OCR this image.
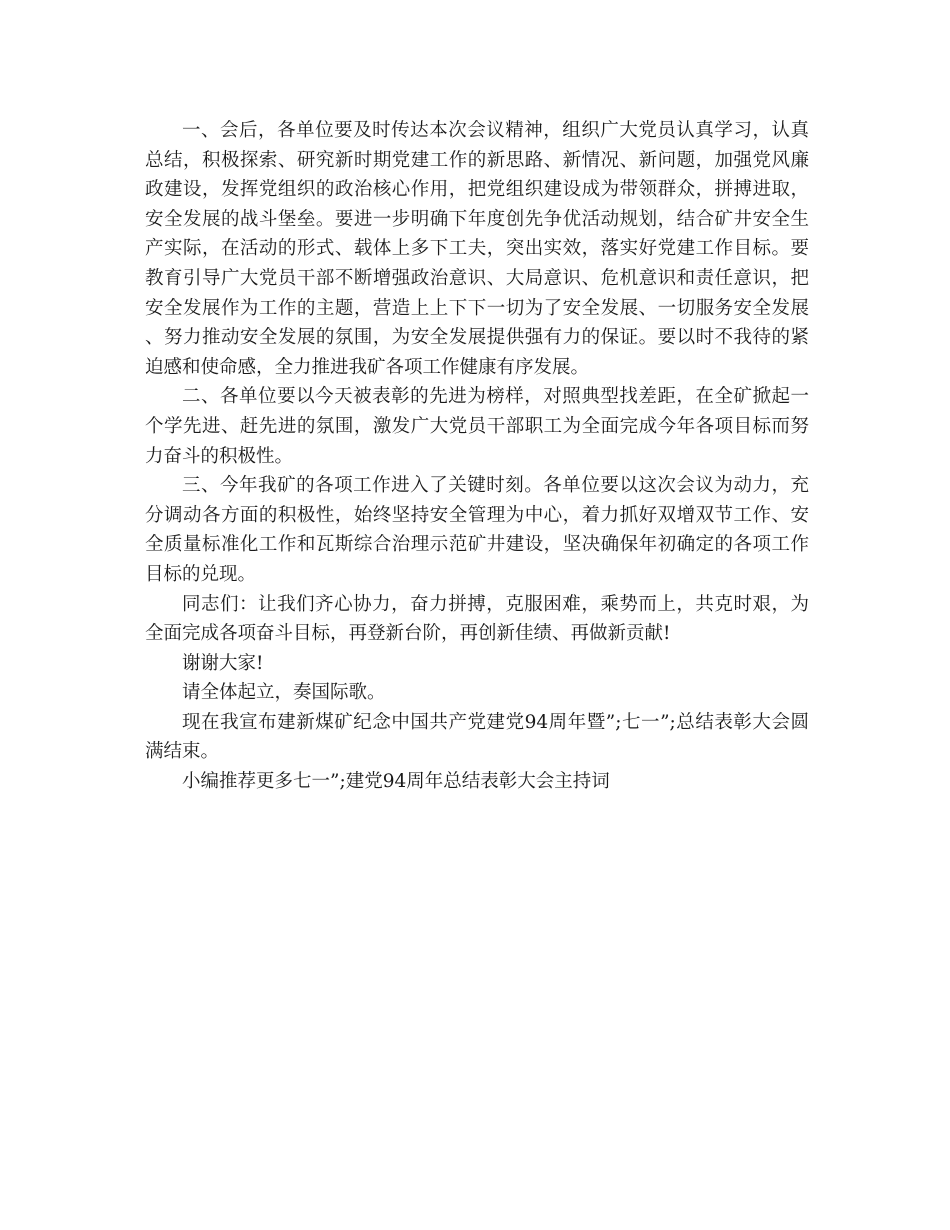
一、会后，各单位要及时传达本次会议精神，组织广大党员认真学习，认真总结，积极探索、研究新时期党建工作的新思路、新情况、新问题，加强党风廉政建设，发挥党组织的政治核心作用，把党组织建设成为带领群众，拼搏进取，安全发展的战斗堡垒。要进一步明确下年度创先争优活动规划，结合矿井安全生产实际，在活动的形式、载体上多下工夫，突出实效，落实好党建工作目标。要教育引导广大党员干部不断增强政治意识、大局意识、危机意识和责任意识，把安全发展作为工作的主题，营造上上下下一切为了安全发展、一切服务安全发展、努力推动安全发展的氛围，为安全发展提供强有力的保证。要以时不我待的紧迫感和使命感，全力推进我矿各项工作健康有序发展。

二、各单位要以今天被表彰的先进为榜样，对照典型找差距，在全矿掀起一个学先进、赶先进的氛围，激发广大党员干部职工为全面完成今年各项目标而努力奋斗的积极性。

三、今年我矿的各项工作进入了关键时刻。各单位要以这次会议为动力，充分调动各方面的积极性，始终坚持安全管理为中心，着力抓好双增双节工作、安全质量标准化工作和瓦斯综合治理示范矿井建设，坚决确保年初确定的各项工作目标的兑现。

同志们：让我们齐心协力，奋力拼搏，克服困难，乘势而上，共克时艰，为全面完成各项奋斗目标，再登新台阶，再创新佳绩、再做新贡献!

谢谢大家!

请全体起立，奏国际歌。

现在我宣布建新煤矿纪念中国共产党建党94周年暨”;七一”;总结表彰大会圆满结束。

小编推荐更多七一”;建党94周年总结表彰大会主持词
